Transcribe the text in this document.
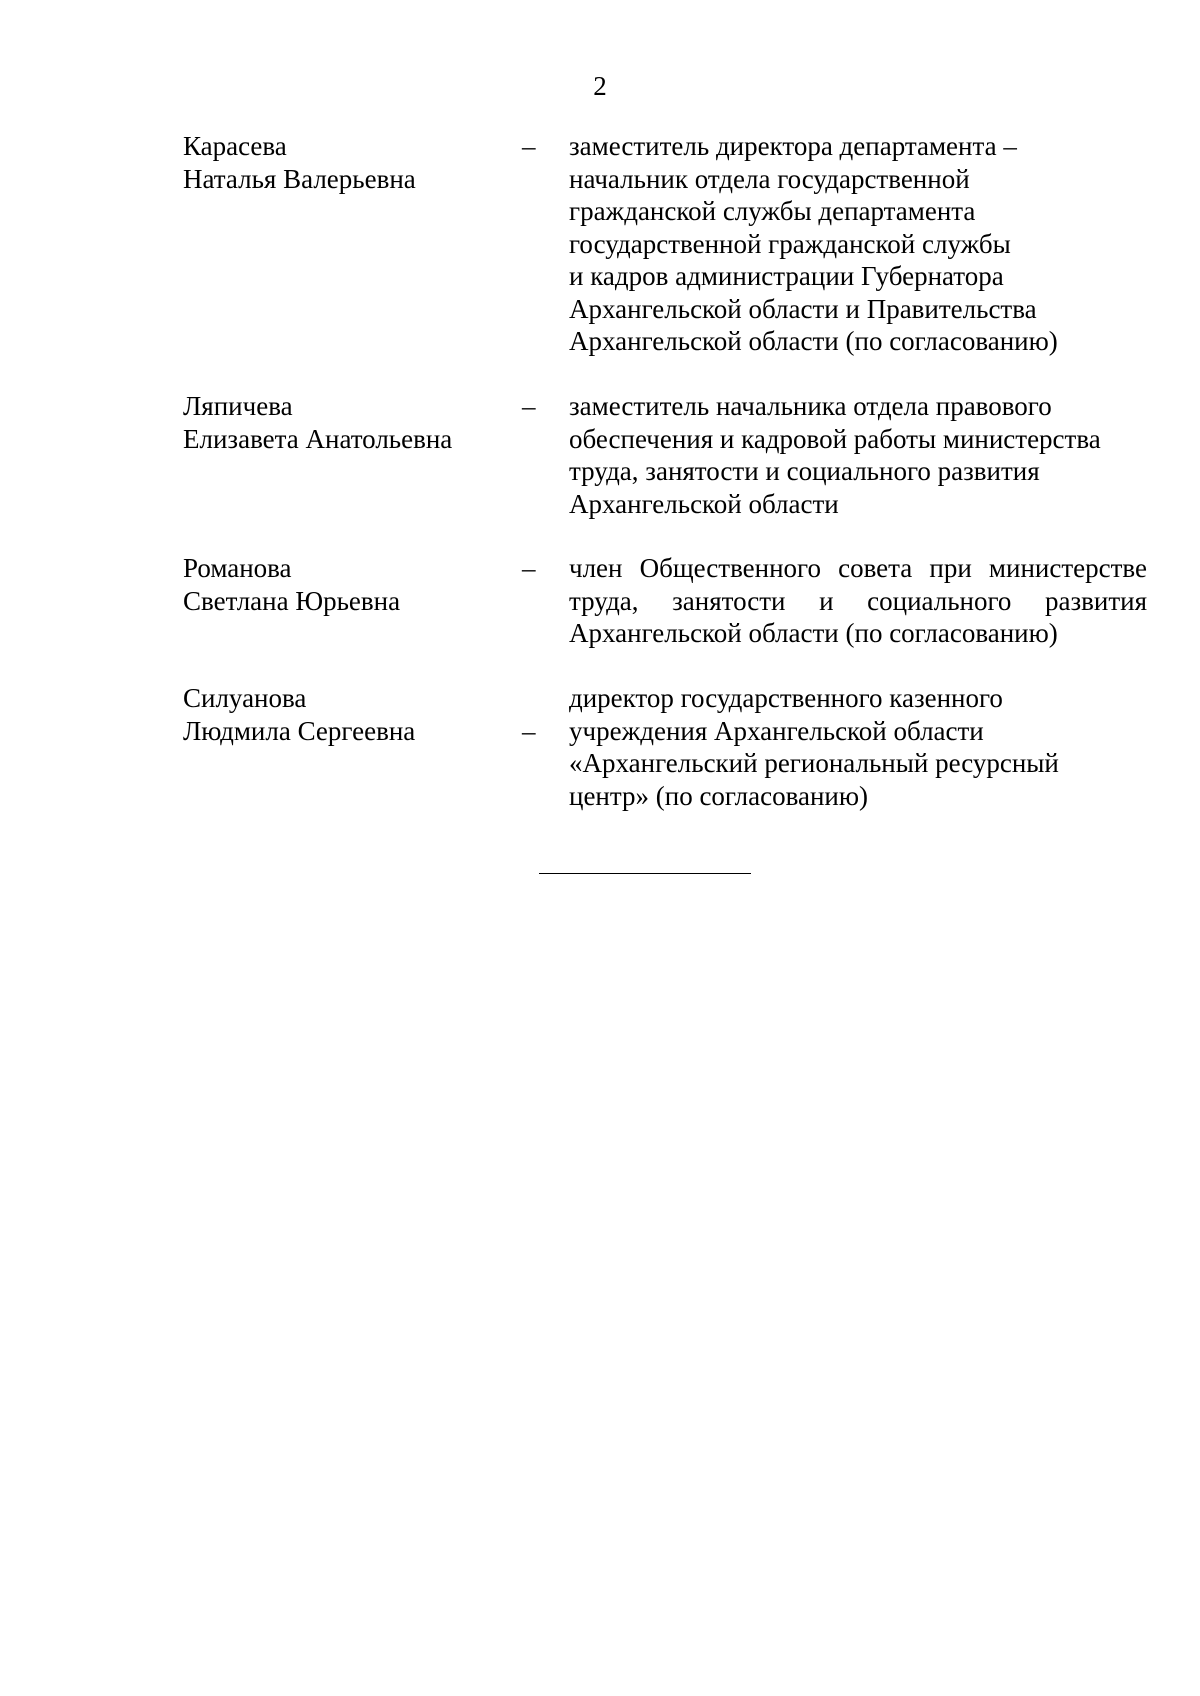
2
Карасева
Наталья Валерьевна
– заместитель директора департамента –
начальник отдела государственной
гражданской службы департамента
государственной гражданской службы
и кадров администрации Губернатора
Архангельской области и Правительства
Архангельской области (по согласованию)
Ляпичева
Елизавета Анатольевна
– заместитель начальника отдела правового
обеспечения и кадровой работы министерства
труда, занятости и социального развития
Архангельской области
Романова
Светлана Юрьевна
– член Общественного совета при министерстве
труда, занятости и социального развития
Архангельской области (по согласованию)
Силуанова
Людмила Сергеевна	–
директор государственного казенного
учреждения Архангельской области
«Архангельский региональный ресурсный
центр» (по согласованию)
